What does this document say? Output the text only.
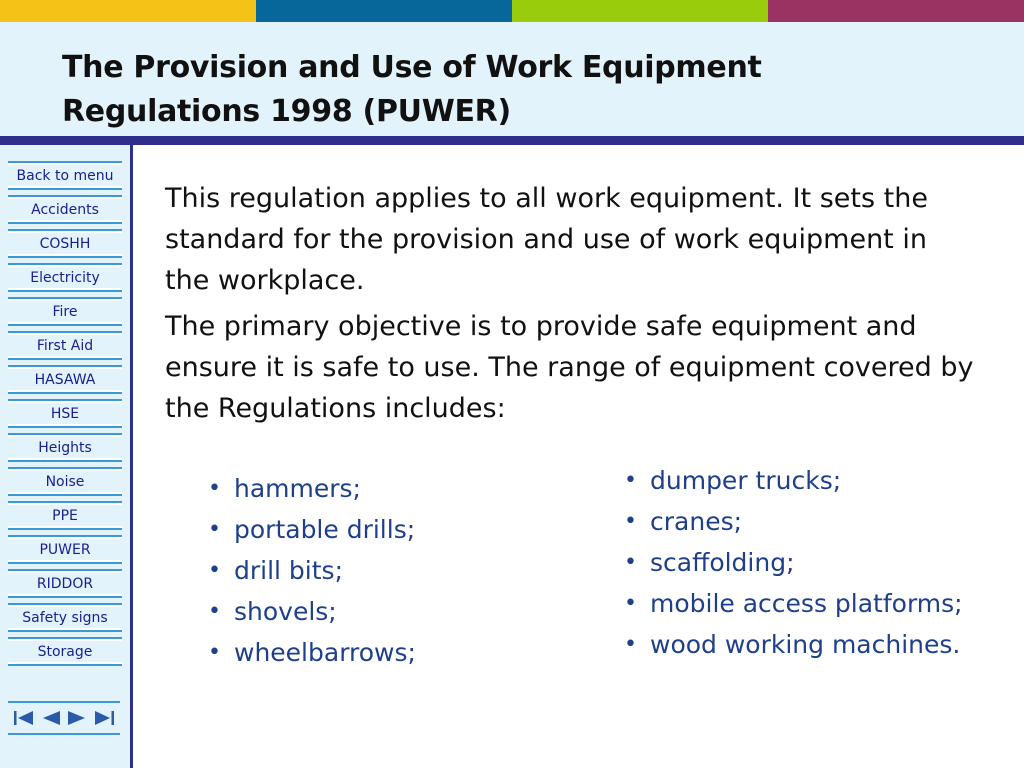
The Provision and Use of Work Equipment
Regulations 1998 (PUWER)
Back to menu
Accidents
COSHH
Electricity
Fire
First Aid
HASAWA
HSE
Heights
Noise
PPE
PUWER
RIDDOR
Safety signs
Storage

This regulation applies to all work equipment. It sets the standard for the provision and use of work equipment in the workplace.

The primary objective is to provide safe equipment and ensure it is safe to use. The range of equipment covered by the Regulations includes:

• hammers;
• portable drills;
• drill bits;
• shovels;
• wheelbarrows;
• dumper trucks;
• cranes;
• scaffolding;
• mobile access platforms;
• wood working machines.
